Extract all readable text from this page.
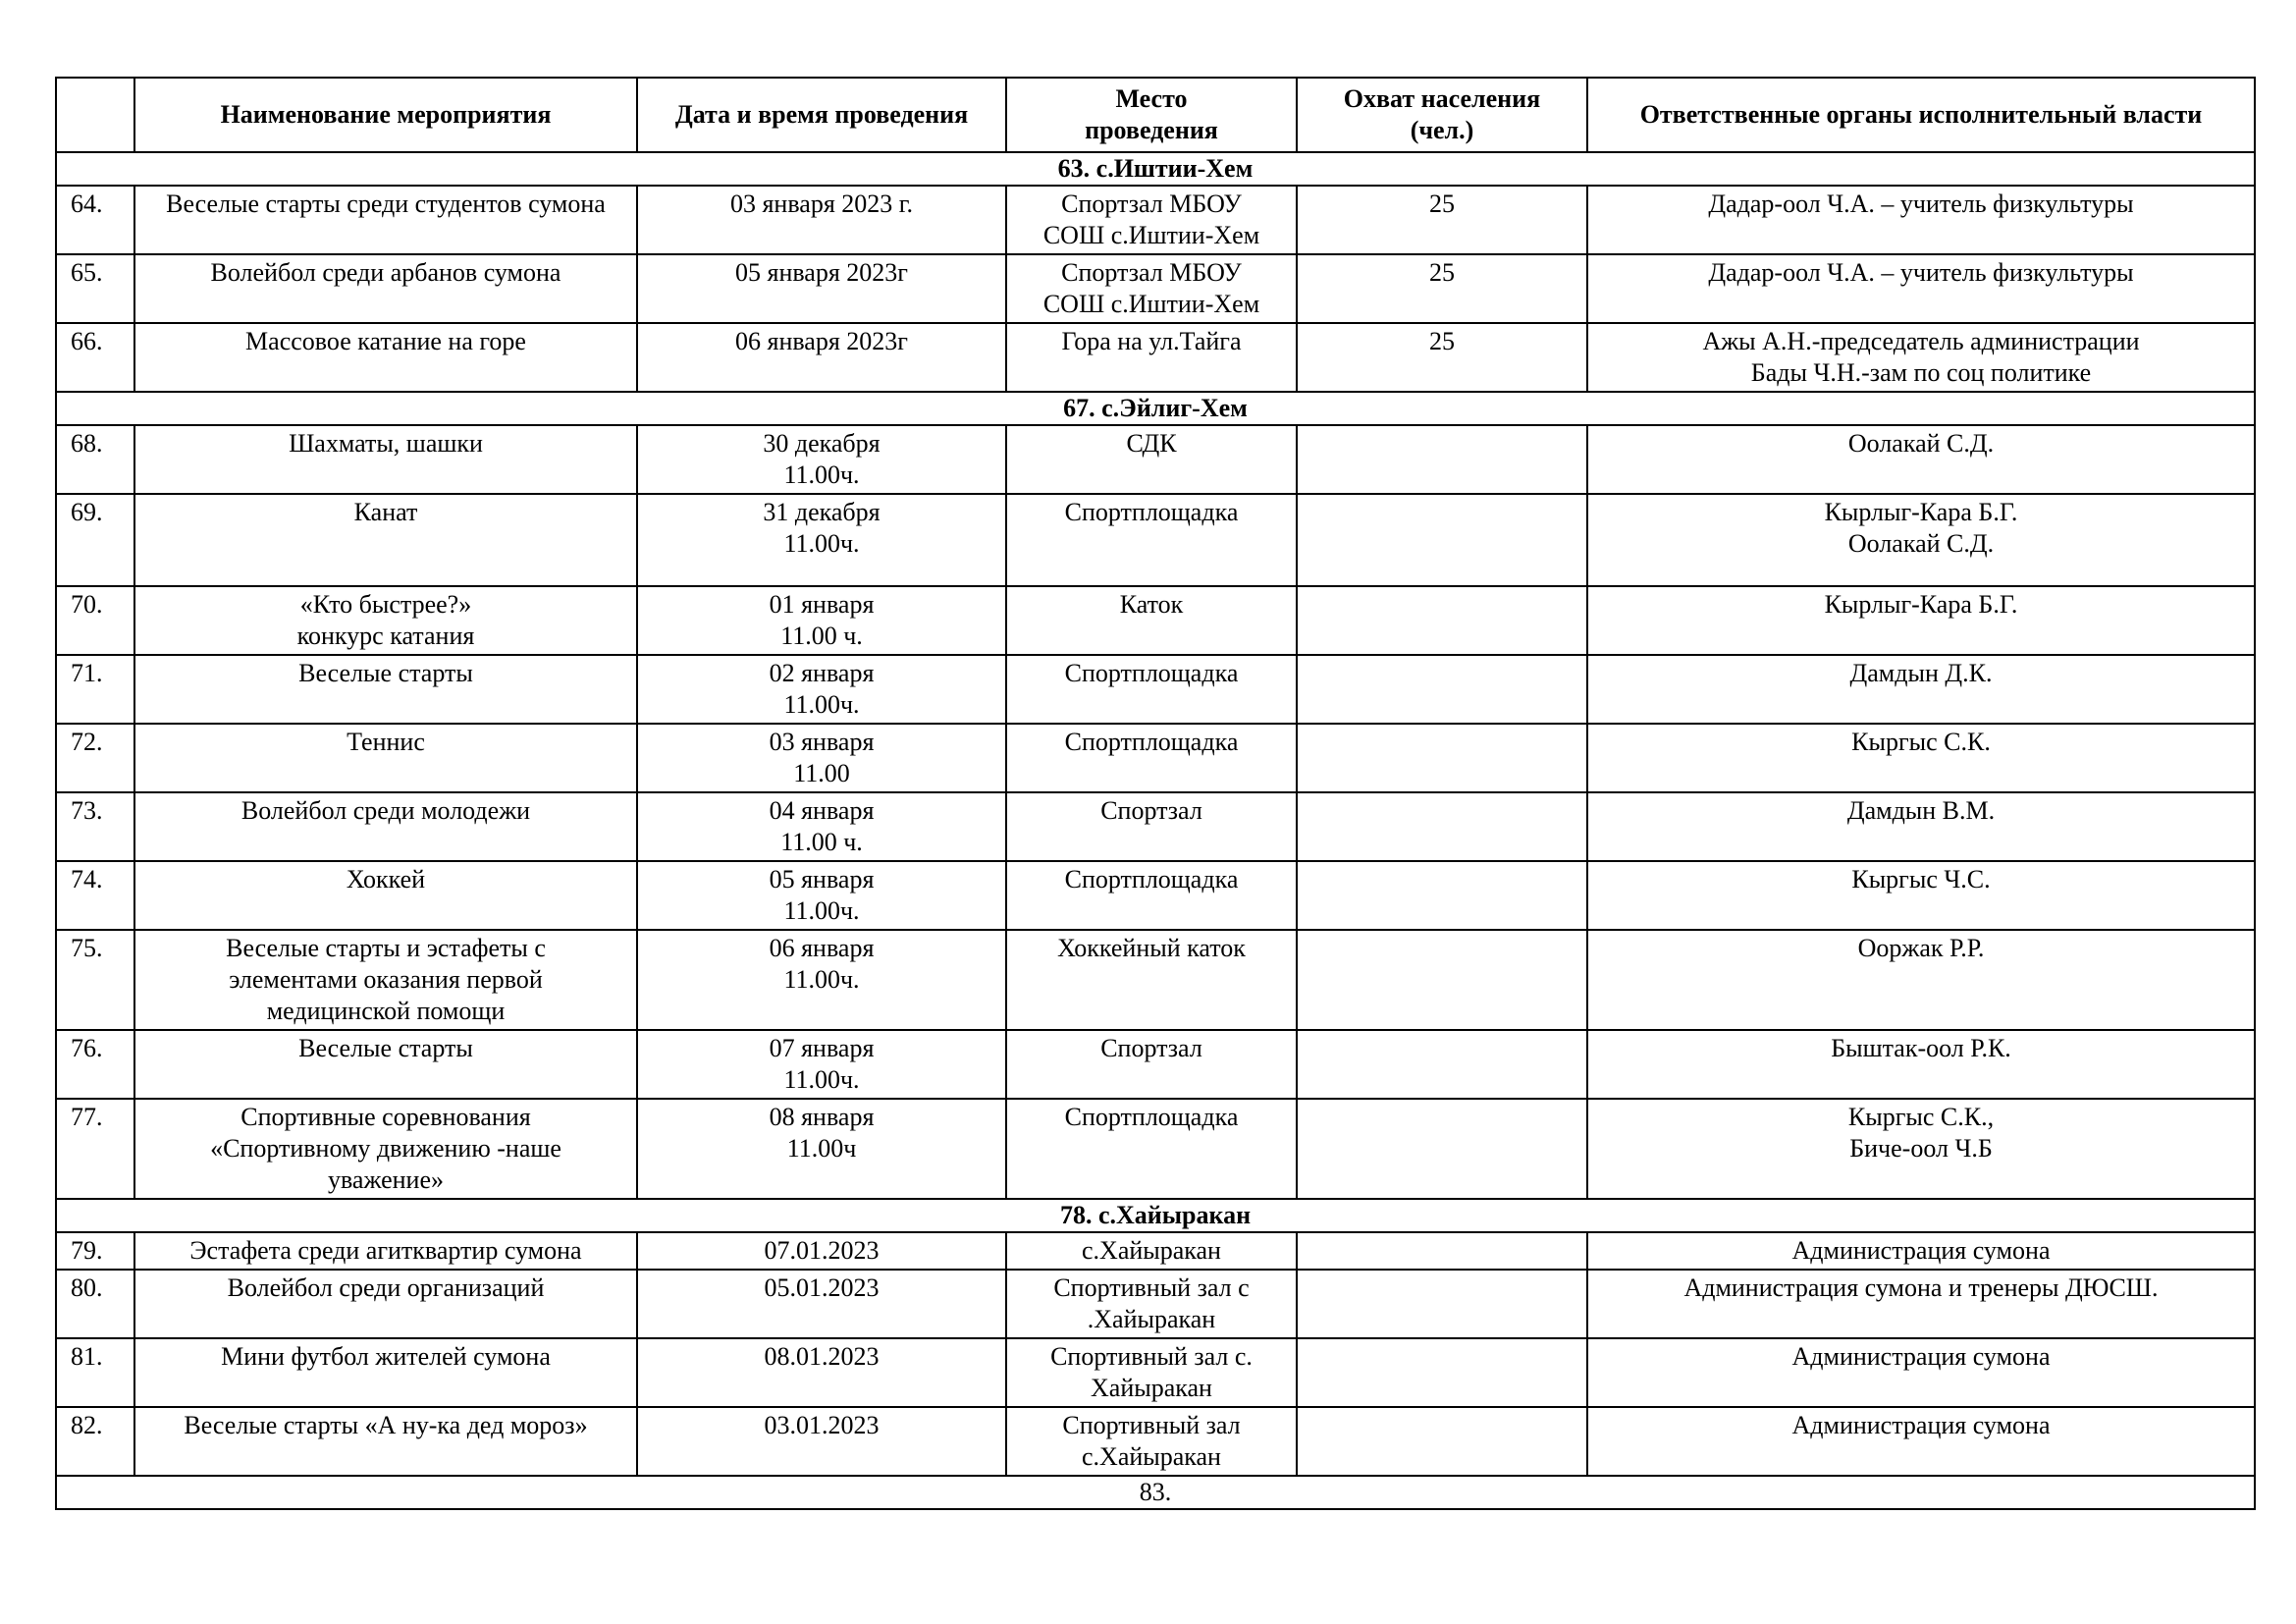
	Наименование мероприятия	Дата и время проведения	Место
проведения	Охват населения
(чел.)	Ответственные органы исполнительный власти
63. с.Иштии-Хем					
64.	Веселые старты среди студентов сумона	03 января 2023 г.	Спортзал МБОУ
СОШ с.Иштии-Хем	25	Дадар-оол Ч.А. – учитель физкультуры

65.	Волейбол среди арбанов сумона	05 января 2023г	Спортзал МБОУ
СОШ с.Иштии-Хем	25	Дадар-оол Ч.А. – учитель физкультуры

66.	Массовое катание на горе	06 января 2023г	Гора на ул.Тайга	25	Ажы А.Н.-председатель администрации
Бады Ч.Н.-зам по соц политике

67. с.Эйлиг-Хем					
68.	Шахматы, шашки	30 декабря
11.00ч.	СДК		Оолакай С.Д.

69.	Канат	31 декабря
11.00ч.	Спортплощадка		Кырлыг-Кара Б.Г.
Оолакай С.Д.

70.	«Кто быстрее?»
конкурс катания	01 января
11.00 ч.	Каток		Кырлыг-Кара Б.Г.

71.	Веселые старты	02 января
11.00ч.	Спортплощадка		Дамдын Д.К.

72.	Теннис	03 января
11.00	Спортплощадка		Кыргыс С.К.

73.	Волейбол среди молодежи	04 января
11.00 ч.	Спортзал		Дамдын В.М.

74.	Хоккей	05 января
11.00ч.	Спортплощадка		Кыргыс Ч.С.

75.	Веселые старты и эстафеты с
элементами оказания первой
медицинской помощи	06 января
11.00ч.	Хоккейный каток		Ооржак Р.Р.

76.	Веселые старты	07 января
11.00ч.	Спортзал		Быштак-оол Р.К.

77.	Спортивные соревнования
«Спортивному движению -наше
уважение»	08 января
11.00ч	Спортплощадка		Кыргыс С.К.,
Биче-оол Ч.Б

78. с.Хайыракан					
79.	Эстафета среди агитквартир сумона	07.01.2023	с.Хайыракан		Администрация сумона

80.	Волейбол среди организаций	05.01.2023	Спортивный зал с
.Хайыракан		Администрация сумона и тренеры ДЮСШ.

81.	Мини футбол жителей сумона	08.01.2023	Спортивный зал с.
Хайыракан		Администрация сумона

82.	Веселые старты «А ну-ка дед мороз»	03.01.2023	Спортивный зал
с.Хайыракан		Администрация сумона

83.					
